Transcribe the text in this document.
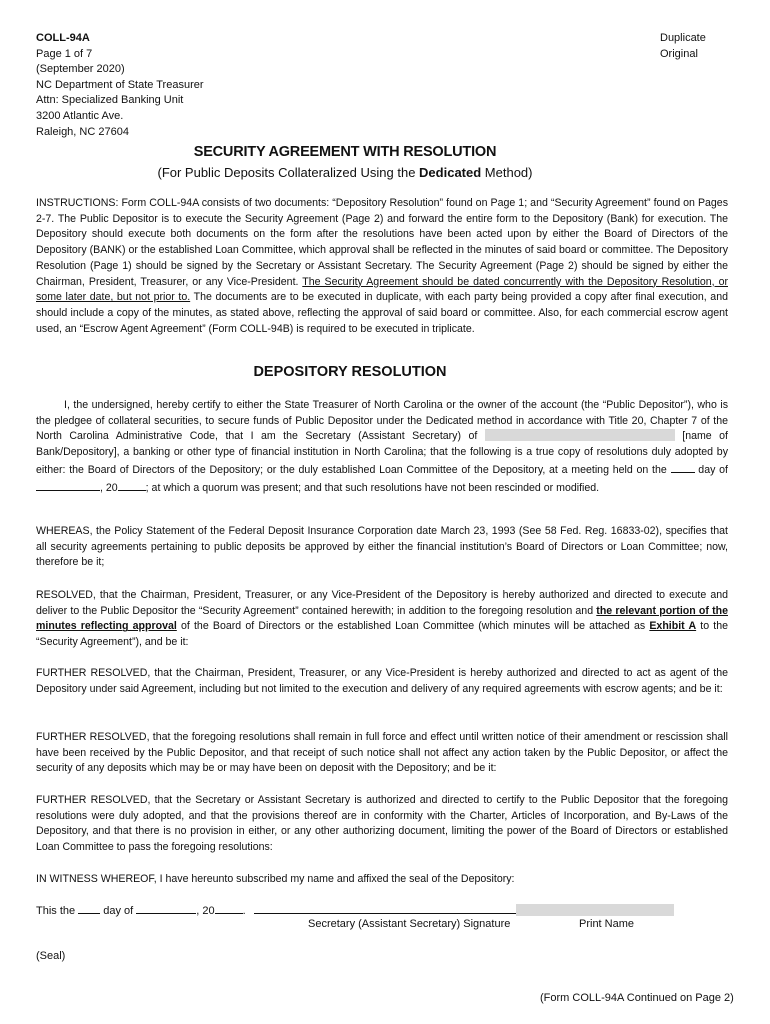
COLL-94A
Page 1 of 7
(September 2020)
NC Department of State Treasurer
Attn: Specialized Banking Unit
3200 Atlantic Ave.
Raleigh, NC 27604
Duplicate
Original
SECURITY AGREEMENT WITH RESOLUTION
(For Public Deposits Collateralized Using the Dedicated Method)
INSTRUCTIONS: Form COLL-94A consists of two documents: “Depository Resolution” found on Page 1; and “Security Agreement” found on Pages 2-7. The Public Depositor is to execute the Security Agreement (Page 2) and forward the entire form to the Depository (Bank) for execution. The Depository should execute both documents on the form after the resolutions have been acted upon by either the Board of Directors of the Depository (BANK) or the established Loan Committee, which approval shall be reflected in the minutes of said board or committee. The Depository Resolution (Page 1) should be signed by the Secretary or Assistant Secretary. The Security Agreement (Page 2) should be signed by either the Chairman, President, Treasurer, or any Vice-President. The Security Agreement should be dated concurrently with the Depository Resolution, or some later date, but not prior to. The documents are to be executed in duplicate, with each party being provided a copy after final execution, and should include a copy of the minutes, as stated above, reflecting the approval of said board or committee. Also, for each commercial escrow agent used, an “Escrow Agent Agreement” (Form COLL-94B) is required to be executed in triplicate.
DEPOSITORY RESOLUTION
I, the undersigned, hereby certify to either the State Treasurer of North Carolina or the owner of the account (the “Public Depositor”), who is the pledgee of collateral securities, to secure funds of Public Depositor under the Dedicated method in accordance with Title 20, Chapter 7 of the North Carolina Administrative Code, that I am the Secretary (Assistant Secretary) of	[name of Bank/Depository], a banking or other type of financial institution in North Carolina; that the following is a true copy of resolutions duly adopted by either: the Board of Directors of the Depository; or the duly established Loan Committee of the Depository, at a meeting held on the  day of , 20	; at which a quorum was present; and that such resolutions have not been rescinded or modified.
WHEREAS, the Policy Statement of the Federal Deposit Insurance Corporation date March 23, 1993 (See 58 Fed. Reg. 16833-02), specifies that all security agreements pertaining to public deposits be approved by either the financial institution’s Board of Directors or Loan Committee; now, therefore be it;
RESOLVED, that the Chairman, President, Treasurer, or any Vice-President of the Depository is hereby authorized and directed to execute and deliver to the Public Depositor the “Security Agreement” contained herewith; in addition to the foregoing resolution and the relevant portion of the minutes reflecting approval of the Board of Directors or the established Loan Committee (which minutes will be attached as Exhibit A to the “Security Agreement”), and be it:
FURTHER RESOLVED, that the Chairman, President, Treasurer, or any Vice-President is hereby authorized and directed to act as agent of the Depository under said Agreement, including but not limited to the execution and delivery of any required agreements with escrow agents; and be it:
FURTHER RESOLVED, that the foregoing resolutions shall remain in full force and effect until written notice of their amendment or rescission shall have been received by the Public Depositor, and that receipt of such notice shall not affect any action taken by the Public Depositor, or affect the security of any deposits which may be or may have been on deposit with the Depository; and be it:
FURTHER RESOLVED, that the Secretary or Assistant Secretary is authorized and directed to certify to the Public Depositor that the foregoing resolutions were duly adopted, and that the provisions thereof are in conformity with the Charter, Articles of Incorporation, and By-Laws of the Depository, and that there is no provision in either, or any other authorizing document, limiting the power of the Board of Directors or established Loan Committee to pass the foregoing resolutions:
IN WITNESS WHEREOF, I have hereunto subscribed my name and affixed the seal of the Depository:
This the  day of	, 20	.
Secretary (Assistant Secretary) Signature	Print Name
(Seal)
(Form COLL-94A Continued on Page 2)
